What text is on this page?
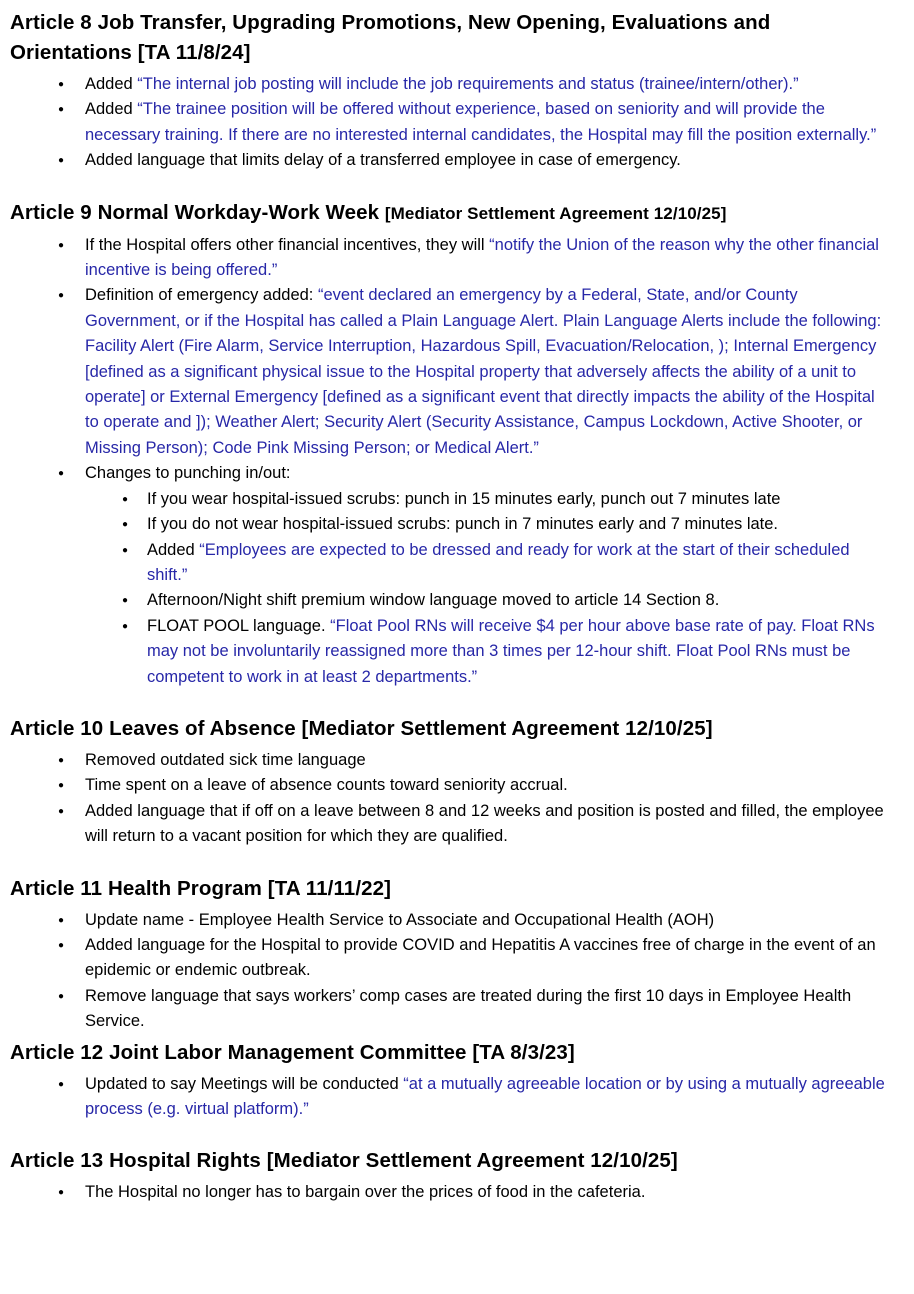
Article 8 Job Transfer, Upgrading Promotions, New Opening, Evaluations and Orientations [TA 11/8/24]
●	Added “The internal job posting will include the job requirements and status (trainee/intern/other).”
●	Added “The trainee position will be offered without experience, based on seniority and will provide the necessary training. If there are no interested internal candidates, the Hospital may fill the position externally.”
●	Added language that limits delay of a transferred employee in case of emergency.
Article 9 Normal Workday-Work Week [Mediator Settlement Agreement 12/10/25]
●	If the Hospital offers other financial incentives, they will “notify the Union of the reason why the other financial incentive is being offered.”
●	Definition of emergency added: “event declared an emergency by a Federal, State, and/or County Government, or if the Hospital has called a Plain Language Alert. Plain Language Alerts include the following: Facility Alert (Fire Alarm, Service Interruption, Hazardous Spill, Evacuation/Relocation, ); Internal Emergency [defined as a significant physical issue to the Hospital property that adversely affects the ability of a unit to operate] or External Emergency [defined as a significant event that directly impacts the ability of the Hospital to operate and ]); Weather Alert; Security Alert (Security Assistance, Campus Lockdown, Active Shooter, or Missing Person); Code Pink Missing Person; or Medical Alert.”
●	Changes to punching in/out:
●	If you wear hospital-issued scrubs: punch in 15 minutes early, punch out 7 minutes late
●	If you do not wear hospital-issued scrubs: punch in 7 minutes early and 7 minutes late.
●	Added “Employees are expected to be dressed and ready for work at the start of their scheduled shift.”
●	Afternoon/Night shift premium window language moved to article 14 Section 8.
●	FLOAT POOL language. “Float Pool RNs will receive $4 per hour above base rate of pay. Float RNs may not be involuntarily reassigned more than 3 times per 12-hour shift. Float Pool RNs must be competent to work in at least 2 departments.”
Article 10 Leaves of Absence [Mediator Settlement Agreement 12/10/25]
●	Removed outdated sick time language
●	Time spent on a leave of absence counts toward seniority accrual.
●	Added language that if off on a leave between 8 and 12 weeks and position is posted and filled, the employee will return to a vacant position for which they are qualified.
Article 11 Health Program [TA 11/11/22]
●	Update name - Employee Health Service to Associate and Occupational Health (AOH)
●	Added language for the Hospital to provide COVID and Hepatitis A vaccines free of charge in the event of an epidemic or endemic outbreak.
●	Remove language that says workers’ comp cases are treated during the first 10 days in Employee Health Service.
Article 12 Joint Labor Management Committee [TA 8/3/23]
●	Updated to say Meetings will be conducted “at a mutually agreeable location or by using a mutually agreeable process (e.g. virtual platform).”
Article 13 Hospital Rights [Mediator Settlement Agreement 12/10/25]
●	The Hospital no longer has to bargain over the prices of food in the cafeteria.
